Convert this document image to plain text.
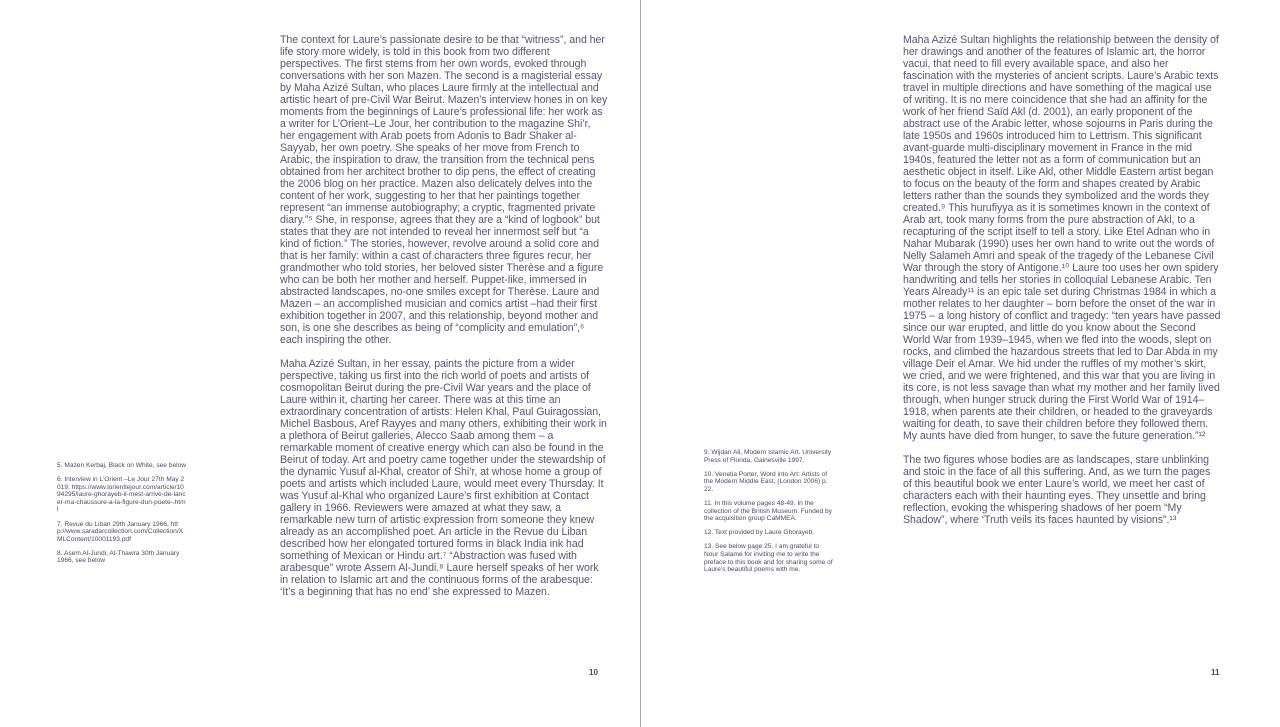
The context for Laure’s passionate desire to be that “witness”, and her life story more widely, is told in this book from two different perspectives. The first stems from her own words, evoked through conversations with her son Mazen. The second is a magisterial essay by Maha Azizé Sultan, who places Laure firmly at the intellectual and artistic heart of pre-Civil War Beirut. Mazen’s interview hones in on key moments from the beginnings of Laure’s professional life: her work as a writer for L’Orient–Le Jour, her contribution to the magazine Shi’r, her engagement with Arab poets from Adonis to Badr Shaker al-Sayyab, her own poetry. She speaks of her move from French to Arabic, the inspiration to draw, the transition from the technical pens obtained from her architect brother to dip pens, the effect of creating the 2006 blog on her practice. Mazen also delicately delves into the content of her work, suggesting to her that her paintings together represent “an immense autobiography; a cryptic, fragmented private diary.”⁵ She, in response, agrees that they are a “kind of logbook” but states that they are not intended to reveal her innermost self but “a kind of fiction.” The stories, however, revolve around a solid core and that is her family: within a cast of characters three figures recur, her grandmother who told stories, her beloved sister Therèse and a figure who can be both her mother and herself. Puppet-like, immersed in abstracted landscapes, no-one smiles except for Therèse. Laure and Mazen – an accomplished musician and comics artist –had their first exhibition together in 2007, and this relationship, beyond mother and son, is one she describes as being of “complicity and emulation”,⁶ each inspiring the other.

Maha Azizé Sultan, in her essay, paints the picture from a wider perspective, taking us first into the rich world of poets and artists of cosmopolitan Beirut during the pre-Civil War years and the place of Laure within it, charting her career. There was at this time an extraordinary concentration of artists: Helen Khal, Paul Guiragossian, Michel Basbous, Aref Rayyes and many others, exhibiting their work in a plethora of Beirut galleries, Alecco Saab among them – a remarkable moment of creative energy which can also be found in the Beirut of today. Art and poetry came together under the stewardship of the dynamic Yusuf al-Khal, creator of Shi’r, at whose home a group of poets and artists which included Laure, would meet every Thursday. It was Yusuf al-Khal who organized Laure’s first exhibition at Contact gallery in 1966. Reviewers were amazed at what they saw, a remarkable new turn of artistic expression from someone they knew already as an accomplished poet. An article in the Revue du Liban described how her elongated tortured forms in black India ink had something of Mexican or Hindu art.⁷ “Abstraction was fused with arabesque” wrote Assem Al-Jundi.⁸ Laure herself speaks of her work in relation to Islamic art and the continuous forms of the arabesque: ‘It’s a beginning that has no end’ she expressed to Mazen.

5. Mazen Kerbaj, Black on White, see below

6. Interview in L’Orient –Le Jour 27th May 2019. https://www.lorientlejour.com/article/1094295/laure-ghorayeb-il-mest-arrive-de-lancer-ma-chaussure-a-la-figure-dun-poete-.html

7. Revue du Liban 29th January 1966, http://www.saradarcollection.com/Collection/XMLContent/10001193.pdf

8. Asem Al-Jundi, Al-Thawra 30th January 1966, see below

10

Maha Azizé Sultan highlights the relationship between the density of her drawings and another of the features of Islamic art, the horror vacui, that need to fill every available space, and also her fascination with the mysteries of ancient scripts. Laure’s Arabic texts travel in multiple directions and have something of the magical use of writing. It is no mere coincidence that she had an affinity for the work of her friend Saïd Akl (d. 2001), an early proponent of the abstract use of the Arabic letter, whose sojourns in Paris during the late 1950s and 1960s introduced him to Lettrism. This significant avant-guarde multi-disciplinary movement in France in the mid 1940s, featured the letter not as a form of communication but an aesthetic object in itself. Like Akl, other Middle Eastern artist began to focus on the beauty of the form and shapes created by Arabic letters rather than the sounds they symbolized and the words they created.⁹ This hurufiyya as it is sometimes known in the context of Arab art, took many forms from the pure abstraction of Akl, to a recapturing of the script itself to tell a story. Like Etel Adnan who in Nahar Mubarak (1990) uses her own hand to write out the words of Nelly Salameh Amri and speak of the tragedy of the Lebanese Civil War through the story of Antigone.¹⁰ Laure too uses her own spidery handwriting and tells her stories in colloquial Lebanese Arabic. Ten Years Already¹¹ is an epic tale set during Christmas 1984 in which a mother relates to her daughter – born before the onset of the war in 1975 – a long history of conflict and tragedy: “ten years have passed since our war erupted, and little do you know about the Second World War from 1939–1945, when we fled into the woods, slept on rocks, and climbed the hazardous streets that led to Dar Abda in my village Deir el Amar. We hid under the ruffles of my mother’s skirt, we cried, and we were frightened, and this war that you are living in its core, is not less savage than what my mother and her family lived through, when hunger struck during the First World War of 1914–1918, when parents ate their children, or headed to the graveyards waiting for death, to save their children before they followed them. My aunts have died from hunger, to save the future generation.”¹²

The two figures whose bodies are as landscapes, stare unblinking and stoic in the face of all this suffering. And, as we turn the pages of this beautiful book we enter Laure’s world, we meet her cast of characters each with their haunting eyes. They unsettle and bring reflection, evoking the whispering shadows of her poem “My Shadow”, where ‘Truth veils its faces haunted by visions”.¹³

9. Wijdan Ali, Modern Islamic Art. University Press of Florida, Gainesville 1997.

10. Venetia Porter, Word into Art: Artists of the Modern Middle East, (London 2006) p. 22.

11. In this volume pages 48-49. In the collection of the British Museum. Funded by the acquisition group CaMMEA.

12. Text provided by Laure Ghorayeb.

13. See below page 25. I am grateful to Nour Salamé for inviting me to write the preface to this book and for sharing some of Laure’s beautiful poems with me.

11
